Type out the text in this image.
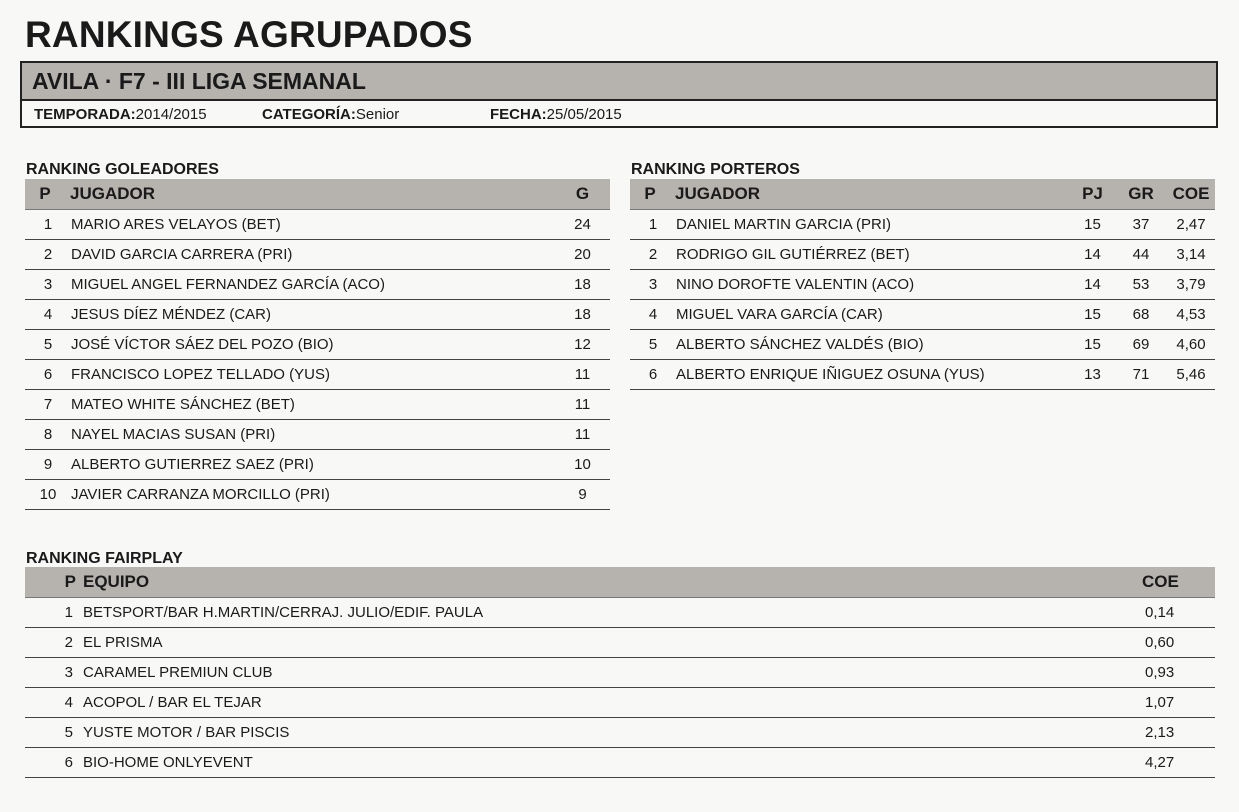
RANKINGS AGRUPADOS
AVILA · F7 - III LIGA SEMANAL
TEMPORADA:2014/2015	CATEGORÍA:Senior	FECHA:25/05/2015
RANKING GOLEADORES
P	JUGADOR	G
1	MARIO ARES VELAYOS (BET)	24
2	DAVID GARCIA CARRERA (PRI)	20
3	MIGUEL ANGEL FERNANDEZ GARCÍA (ACO)	18
4	JESUS DÍEZ MÉNDEZ (CAR)	18
5	JOSÉ VÍCTOR SÁEZ DEL POZO (BIO)	12
6	FRANCISCO LOPEZ TELLADO (YUS)	11
7	MATEO WHITE SÁNCHEZ (BET)	11
8	NAYEL MACIAS SUSAN (PRI)	11
9	ALBERTO GUTIERREZ SAEZ (PRI)	10
10	JAVIER CARRANZA MORCILLO (PRI)	9
RANKING PORTEROS
P	JUGADOR	PJ	GR	COE
1	DANIEL MARTIN GARCIA (PRI)	15	37	2,47
2	RODRIGO GIL GUTIÉRREZ (BET)	14	44	3,14
3	NINO DOROFTE VALENTIN (ACO)	14	53	3,79
4	MIGUEL VARA GARCÍA (CAR)	15	68	4,53
5	ALBERTO SÁNCHEZ VALDÉS (BIO)	15	69	4,60
6	ALBERTO ENRIQUE IÑIGUEZ OSUNA (YUS)	13	71	5,46
RANKING FAIRPLAY
P	EQUIPO	COE
1	BETSPORT/BAR H.MARTIN/CERRAJ. JULIO/EDIF. PAULA	0,14
2	EL PRISMA	0,60
3	CARAMEL PREMIUN CLUB	0,93
4	ACOPOL / BAR EL TEJAR	1,07
5	YUSTE MOTOR / BAR PISCIS	2,13
6	BIO-HOME ONLYEVENT	4,27
